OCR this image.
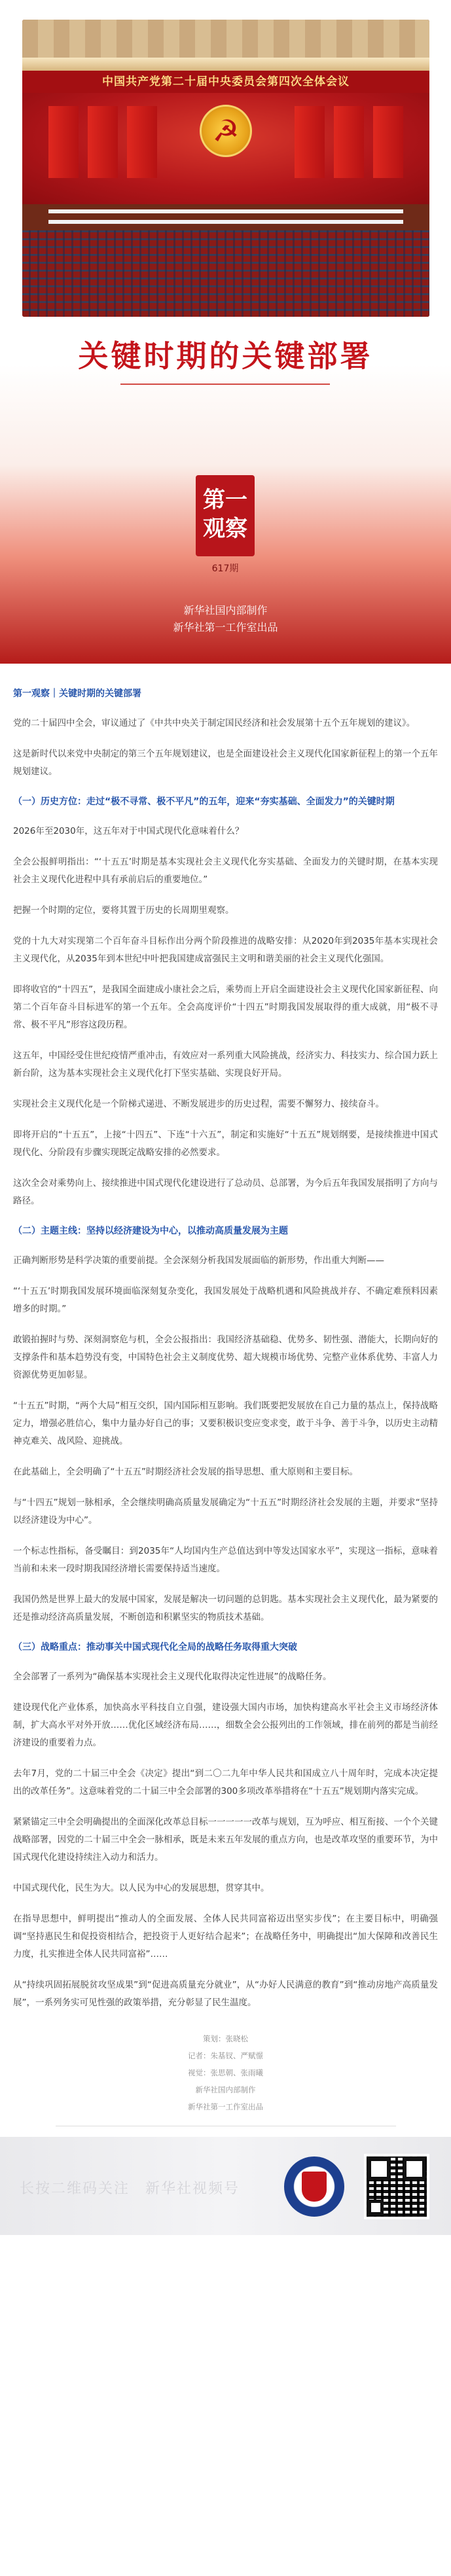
中国共产党第二十届中央委员会第四次全体会议
☭
关键时期的关键部署
第一
观察
617期
新华社国内部制作
新华社第一工作室出品
第一观察｜关键时期的关键部署

党的二十届四中全会，审议通过了《中共中央关于制定国民经济和社会发展第十五个五年规划的建议》。

这是新时代以来党中央制定的第三个五年规划建议，也是全面建设社会主义现代化国家新征程上的第一个五年规划建议。

（一）历史方位：走过“极不寻常、极不平凡”的五年，迎来“夯实基础、全面发力”的关键时期

2026年至2030年，这五年对于中国式现代化意味着什么？

全会公报鲜明指出：“‘十五五’时期是基本实现社会主义现代化夯实基础、全面发力的关键时期，在基本实现社会主义现代化进程中具有承前启后的重要地位。”

把握一个时期的定位，要将其置于历史的长周期里观察。

党的十九大对实现第二个百年奋斗目标作出分两个阶段推进的战略安排：从2020年到2035年基本实现社会主义现代化，从2035年到本世纪中叶把我国建成富强民主文明和谐美丽的社会主义现代化强国。

即将收官的“十四五”，是我国全面建成小康社会之后，乘势而上开启全面建设社会主义现代化国家新征程、向第二个百年奋斗目标进军的第一个五年。全会高度评价“十四五”时期我国发展取得的重大成就，用“极不寻常、极不平凡”形容这段历程。

这五年，中国经受住世纪疫情严重冲击，有效应对一系列重大风险挑战，经济实力、科技实力、综合国力跃上新台阶，这为基本实现社会主义现代化打下坚实基础、实现良好开局。

实现社会主义现代化是一个阶梯式递进、不断发展进步的历史过程，需要不懈努力、接续奋斗。

即将开启的“十五五”，上接“十四五”、下连“十六五”，制定和实施好“十五五”规划纲要，是接续推进中国式现代化、分阶段有步骤实现既定战略安排的必然要求。

这次全会对乘势向上、接续推进中国式现代化建设进行了总动员、总部署，为今后五年我国发展指明了方向与路径。

（二）主题主线：坚持以经济建设为中心，以推动高质量发展为主题

正确判断形势是科学决策的重要前提。全会深刻分析我国发展面临的新形势，作出重大判断——

“‘十五五’时期我国发展环境面临深刻复杂变化，我国发展处于战略机遇和风险挑战并存、不确定难预料因素增多的时期。”

敢锻拍握时与势、深刻洞察危与机，全会公报指出：我国经济基础稳、优势多、韧性强、潜能大，长期向好的支撑条件和基本趋势没有变，中国特色社会主义制度优势、超大规模市场优势、完整产业体系优势、丰富人力资源优势更加彰显。

“十五五”时期，“两个大局”相互交织，国内国际相互影响。我们既要把发展放在自己力量的基点上，保持战略定力，增强必胜信心，集中力量办好自己的事；又要积极识变应变求变，敢于斗争、善于斗争，以历史主动精神克难关、战风险、迎挑战。

在此基础上，全会明确了“十五五”时期经济社会发展的指导思想、重大原则和主要目标。

与“十四五”规划一脉相承，全会继续明确高质量发展确定为“十五五”时期经济社会发展的主题，并要求“坚持以经济建设为中心”。

一个标志性指标，备受瞩目：到2035年“人均国内生产总值达到中等发达国家水平”，实现这一指标，意味着当前和未来一段时期我国经济增长需要保持适当速度。

我国仍然是世界上最大的发展中国家，发展是解决一切问题的总钥匙。基本实现社会主义现代化，最为紧要的还是推动经济高质量发展，不断创造和积累坚实的物质技术基础。

（三）战略重点：推动事关中国式现代化全局的战略任务取得重大突破

全会部署了一系列为“确保基本实现社会主义现代化取得决定性进展”的战略任务。

建设现代化产业体系，加快高水平科技自立自强，建设强大国内市场，加快构建高水平社会主义市场经济体制，扩大高水平对外开放……优化区域经济布局……，细数全会公报列出的工作领域，排在前列的都是当前经济建设的重要着力点。

去年7月，党的二十届三中全会《决定》提出“到二〇二九年中华人民共和国成立八十周年时，完成本决定提出的改革任务”。这意味着党的二十届三中全会部署的300多项改革举措将在“十五五”规划期内落实完成。

紧紧锚定三中全会明确提出的全面深化改革总目标一一一一一改革与规划，互为呼应、相互衔接、一个个关键战略部署，因党的二十届三中全会一脉相承，既是未来五年发展的重点方向，也是改革攻坚的重要环节，为中国式现代化建设持续注入动力和活力。

中国式现代化，民生为大。以人民为中心的发展思想，贯穿其中。

在指导思想中，鲜明提出“推动人的全面发展、全体人民共同富裕迈出坚实步伐”；在主要目标中，明确强调“坚持惠民生和促投资相结合，把投资于人更好结合起来”；在战略任务中，明确提出“加大保障和改善民生力度，扎实推进全体人民共同富裕”……

从“持续巩固拓展脱贫攻坚成果”到“促进高质量充分就业”，从“办好人民满意的教育”到“推动房地产高质量发展”，一系列务实可见性强的政策举措，充分彰显了民生温度。

策划：张晓松
记者：朱基钗、严赋憬
视觉：张思朝、张雨曦
新华社国内部制作
新华社第一工作室出品
长按二维码关注　新华社视频号
